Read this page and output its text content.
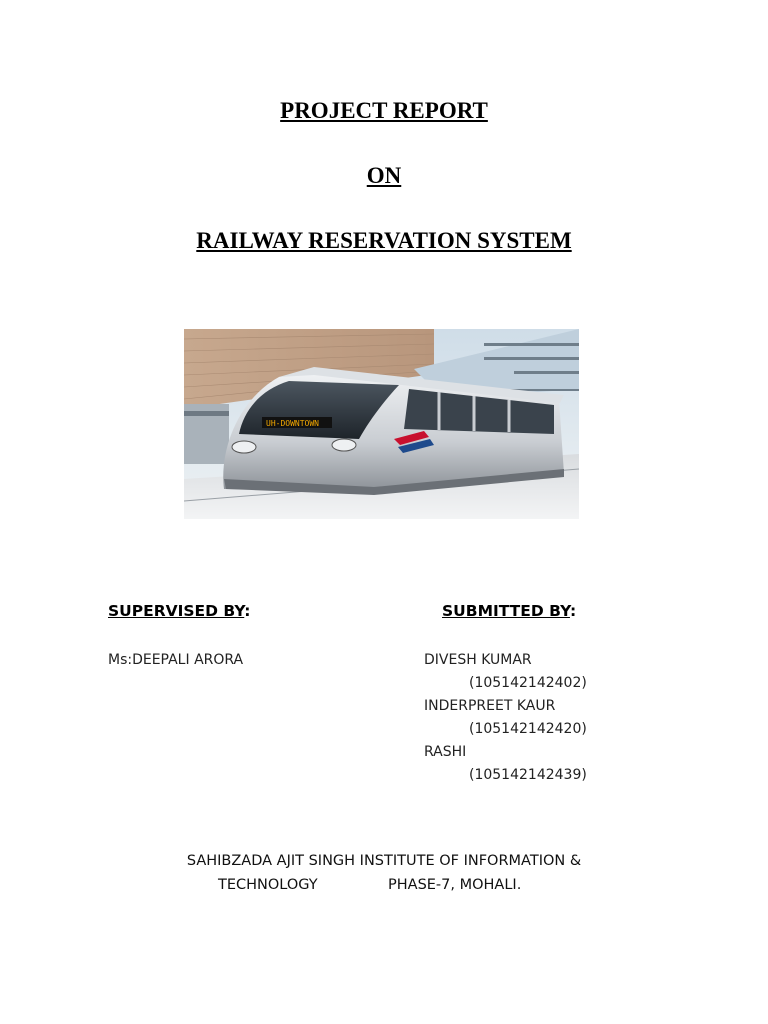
PROJECT REPORT
ON
RAILWAY RESERVATION SYSTEM
UH-DOWNTOWN
SUPERVISED BY:	SUBMITTED BY:
Ms:DEEPALI ARORA	DIVESH KUMAR
(105142142402)
INDERPREET KAUR
(105142142420)
RASHI
(105142142439)
SAHIBZADA AJIT SINGH INSTITUTE OF INFORMATION &
TECHNOLOGY	PHASE-7, MOHALI.
